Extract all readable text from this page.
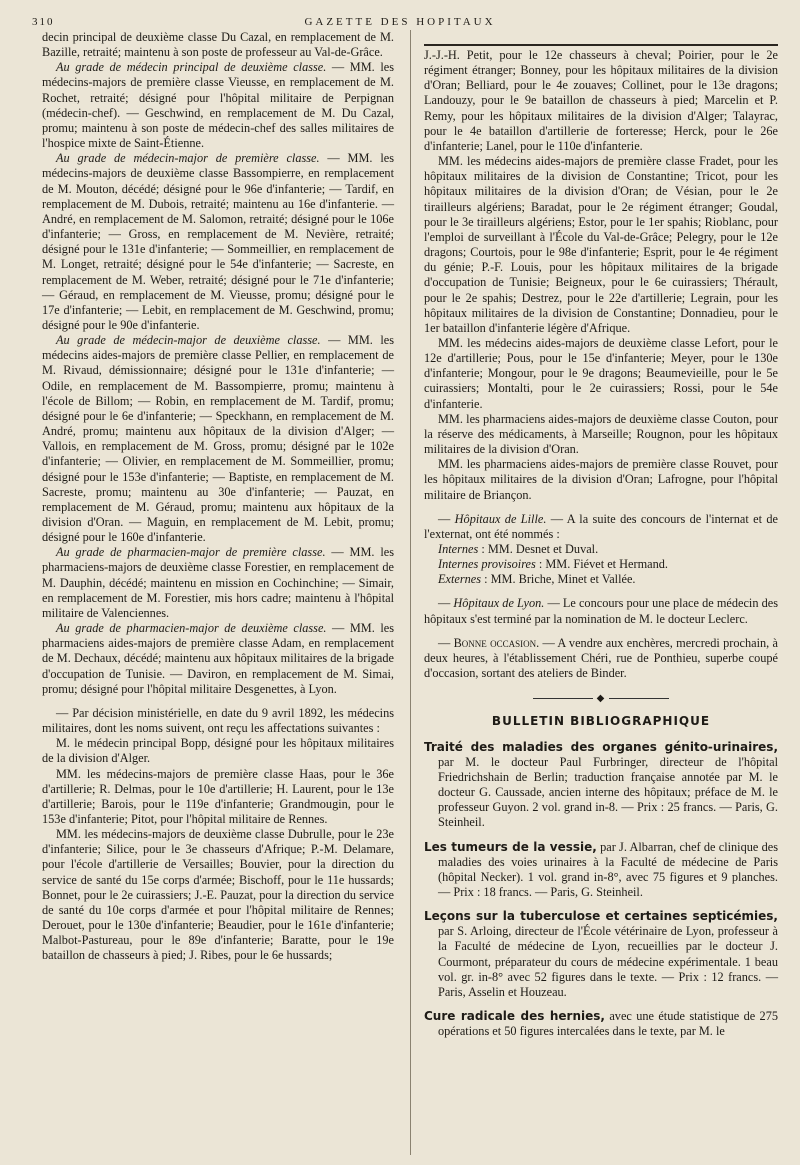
310	GAZETTE DES HOPITAUX

decin principal de deuxième classe Du Cazal, en remplacement de M. Bazille, retraité; maintenu à son poste de professeur au Val-de-Grâce.

Au grade de médecin principal de deuxième classe. — MM. les médecins-majors de première classe Vieusse, en remplacement de M. Rochet, retraité; désigné pour l'hôpital militaire de Perpignan (médecin-chef). — Geschwind, en remplacement de M. Du Cazal, promu; maintenu à son poste de médecin-chef des salles militaires de l'hospice mixte de Saint-Étienne.

Au grade de médecin-major de première classe. — MM. les médecins-majors de deuxième classe Bassompierre, en remplacement de M. Mouton, décédé; désigné pour le 96e d'infanterie; — Tardif, en remplacement de M. Dubois, retraité; maintenu au 16e d'infanterie. — André, en remplacement de M. Salomon, retraité; désigné pour le 106e d'infanterie; — Gross, en remplacement de M. Nevière, retraité; désigné pour le 131e d'infanterie; — Sommeillier, en remplacement de M. Longet, retraité; désigné pour le 54e d'infanterie; — Sacreste, en remplacement de M. Weber, retraité; désigné pour le 71e d'infanterie; — Géraud, en remplacement de M. Vieusse, promu; désigné pour le 17e d'infanterie; — Lebit, en remplacement de M. Geschwind, promu; désigné pour le 90e d'infanterie.

Au grade de médecin-major de deuxième classe. — MM. les médecins aides-majors de première classe Pellier, en remplacement de M. Rivaud, démissionnaire; désigné pour le 131e d'infanterie; — Odile, en remplacement de M. Bassompierre, promu; maintenu à l'école de Billom; — Robin, en remplacement de M. Tardif, promu; désigné pour le 6e d'infanterie; — Speckhann, en remplacement de M. André, promu; maintenu aux hôpitaux de la division d'Alger; — Vallois, en remplacement de M. Gross, promu; désigné par le 102e d'infanterie; — Olivier, en remplacement de M. Sommeillier, promu; désigné pour le 153e d'infanterie; — Baptiste, en remplacement de M. Sacreste, promu; maintenu au 30e d'infanterie; — Pauzat, en remplacement de M. Géraud, promu; maintenu aux hôpitaux de la division d'Oran. — Maguin, en remplacement de M. Lebit, promu; désigné pour le 160e d'infanterie.

Au grade de pharmacien-major de première classe. — MM. les pharmaciens-majors de deuxième classe Forestier, en remplacement de M. Dauphin, décédé; maintenu en mission en Cochinchine; — Simair, en remplacement de M. Forestier, mis hors cadre; maintenu à l'hôpital militaire de Valenciennes.

Au grade de pharmacien-major de deuxième classe. — MM. les pharmaciens aides-majors de première classe Adam, en remplacement de M. Dechaux, décédé; maintenu aux hôpitaux militaires de la brigade d'occupation de Tunisie. — Daviron, en remplacement de M. Simai, promu; désigné pour l'hôpital militaire Desgenettes, à Lyon.

— Par décision ministérielle, en date du 9 avril 1892, les médecins militaires, dont les noms suivent, ont reçu les affectations suivantes :

M. le médecin principal Bopp, désigné pour les hôpitaux militaires de la division d'Alger.

MM. les médecins-majors de première classe Haas, pour le 36e d'artillerie; R. Delmas, pour le 10e d'artillerie; H. Laurent, pour le 13e d'artillerie; Barois, pour le 119e d'infanterie; Grandmougin, pour le 153e d'infanterie; Pitot, pour l'hôpital militaire de Rennes.

MM. les médecins-majors de deuxième classe Dubrulle, pour le 23e d'infanterie; Silice, pour le 3e chasseurs d'Afrique; P.-M. Delamare, pour l'école d'artillerie de Versailles; Bouvier, pour la direction du service de santé du 15e corps d'armée; Bischoff, pour le 11e hussards; Bonnet, pour le 2e cuirassiers; J.-E. Pauzat, pour la direction du service de santé du 10e corps d'armée et pour l'hôpital militaire de Rennes; Derouet, pour le 130e d'infanterie; Beaudier, pour le 161e d'infanterie; Malbot-Pastureau, pour le 89e d'infanterie; Baratte, pour le 19e bataillon de chasseurs à pied; J. Ribes, pour le 6e hussards;

J.-J.-H. Petit, pour le 12e chasseurs à cheval; Poirier, pour le 2e régiment étranger; Bonney, pour les hôpitaux militaires de la division d'Oran; Belliard, pour le 4e zouaves; Collinet, pour le 13e dragons; Landouzy, pour le 9e bataillon de chasseurs à pied; Marcelin et P. Remy, pour les hôpitaux militaires de la division d'Alger; Talayrac, pour le 4e bataillon d'artillerie de forteresse; Herck, pour le 26e d'infanterie; Lanel, pour le 110e d'infanterie.

MM. les médecins aides-majors de première classe Fradet, pour les hôpitaux militaires de la division de Constantine; Tricot, pour les hôpitaux militaires de la division d'Oran; de Vésian, pour le 2e tirailleurs algériens; Baradat, pour le 2e régiment étranger; Goudal, pour le 3e tirailleurs algériens; Estor, pour le 1er spahis; Rioblanc, pour l'emploi de surveillant à l'École du Val-de-Grâce; Pelegry, pour le 12e dragons; Courtois, pour le 98e d'infanterie; Esprit, pour le 4e régiment du génie; P.-F. Louis, pour les hôpitaux militaires de la brigade d'occupation de Tunisie; Beigneux, pour le 6e cuirassiers; Thérault, pour le 2e spahis; Destrez, pour le 22e d'artillerie; Legrain, pour les hôpitaux militaires de la division de Constantine; Donnadieu, pour le 1er bataillon d'infanterie légère d'Afrique.

MM. les médecins aides-majors de deuxième classe Lefort, pour le 12e d'artillerie; Pous, pour le 15e d'infanterie; Meyer, pour le 130e d'infanterie; Mongour, pour le 9e dragons; Beaumevieille, pour le 5e cuirassiers; Montalti, pour le 2e cuirassiers; Rossi, pour le 54e d'infanterie.

MM. les pharmaciens aides-majors de deuxième classe Couton, pour la réserve des médicaments, à Marseille; Rougnon, pour les hôpitaux militaires de la division d'Oran.

MM. les pharmaciens aides-majors de première classe Rouvet, pour les hôpitaux militaires de la division d'Oran; Lafrogne, pour l'hôpital militaire de Briançon.

— Hôpitaux de Lille. — A la suite des concours de l'internat et de l'externat, ont été nommés :

Internes : MM. Desnet et Duval.

Internes provisoires : MM. Fiévet et Hermand.

Externes : MM. Briche, Minet et Vallée.

— Hôpitaux de Lyon. — Le concours pour une place de médecin des hôpitaux s'est terminé par la nomination de M. le docteur Leclerc.

— Bonne occasion. — A vendre aux enchères, mercredi prochain, à deux heures, à l'établissement Chéri, rue de Ponthieu, superbe coupé d'occasion, sortant des ateliers de Binder.

◆
BULLETIN BIBLIOGRAPHIQUE

Traité des maladies des organes génito-urinaires, par M. le docteur Paul Furbringer, directeur de l'hôpital Friedrichshain de Berlin; traduction française annotée par M. le docteur G. Caussade, ancien interne des hôpitaux; préface de M. le professeur Guyon. 2 vol. grand in-8. — Prix : 25 francs. — Paris, G. Steinheil.

Les tumeurs de la vessie, par J. Albarran, chef de clinique des maladies des voies urinaires à la Faculté de médecine de Paris (hôpital Necker). 1 vol. grand in-8°, avec 75 figures et 9 planches. — Prix : 18 francs. — Paris, G. Steinheil.

Leçons sur la tuberculose et certaines septicémies, par S. Arloing, directeur de l'École vétérinaire de Lyon, professeur à la Faculté de médecine de Lyon, recueillies par le docteur J. Courmont, préparateur du cours de médecine expérimentale. 1 beau vol. gr. in-8° avec 52 figures dans le texte. — Prix : 12 francs. — Paris, Asselin et Houzeau.

Cure radicale des hernies, avec une étude statistique de 275 opérations et 50 figures intercalées dans le texte, par M. le
